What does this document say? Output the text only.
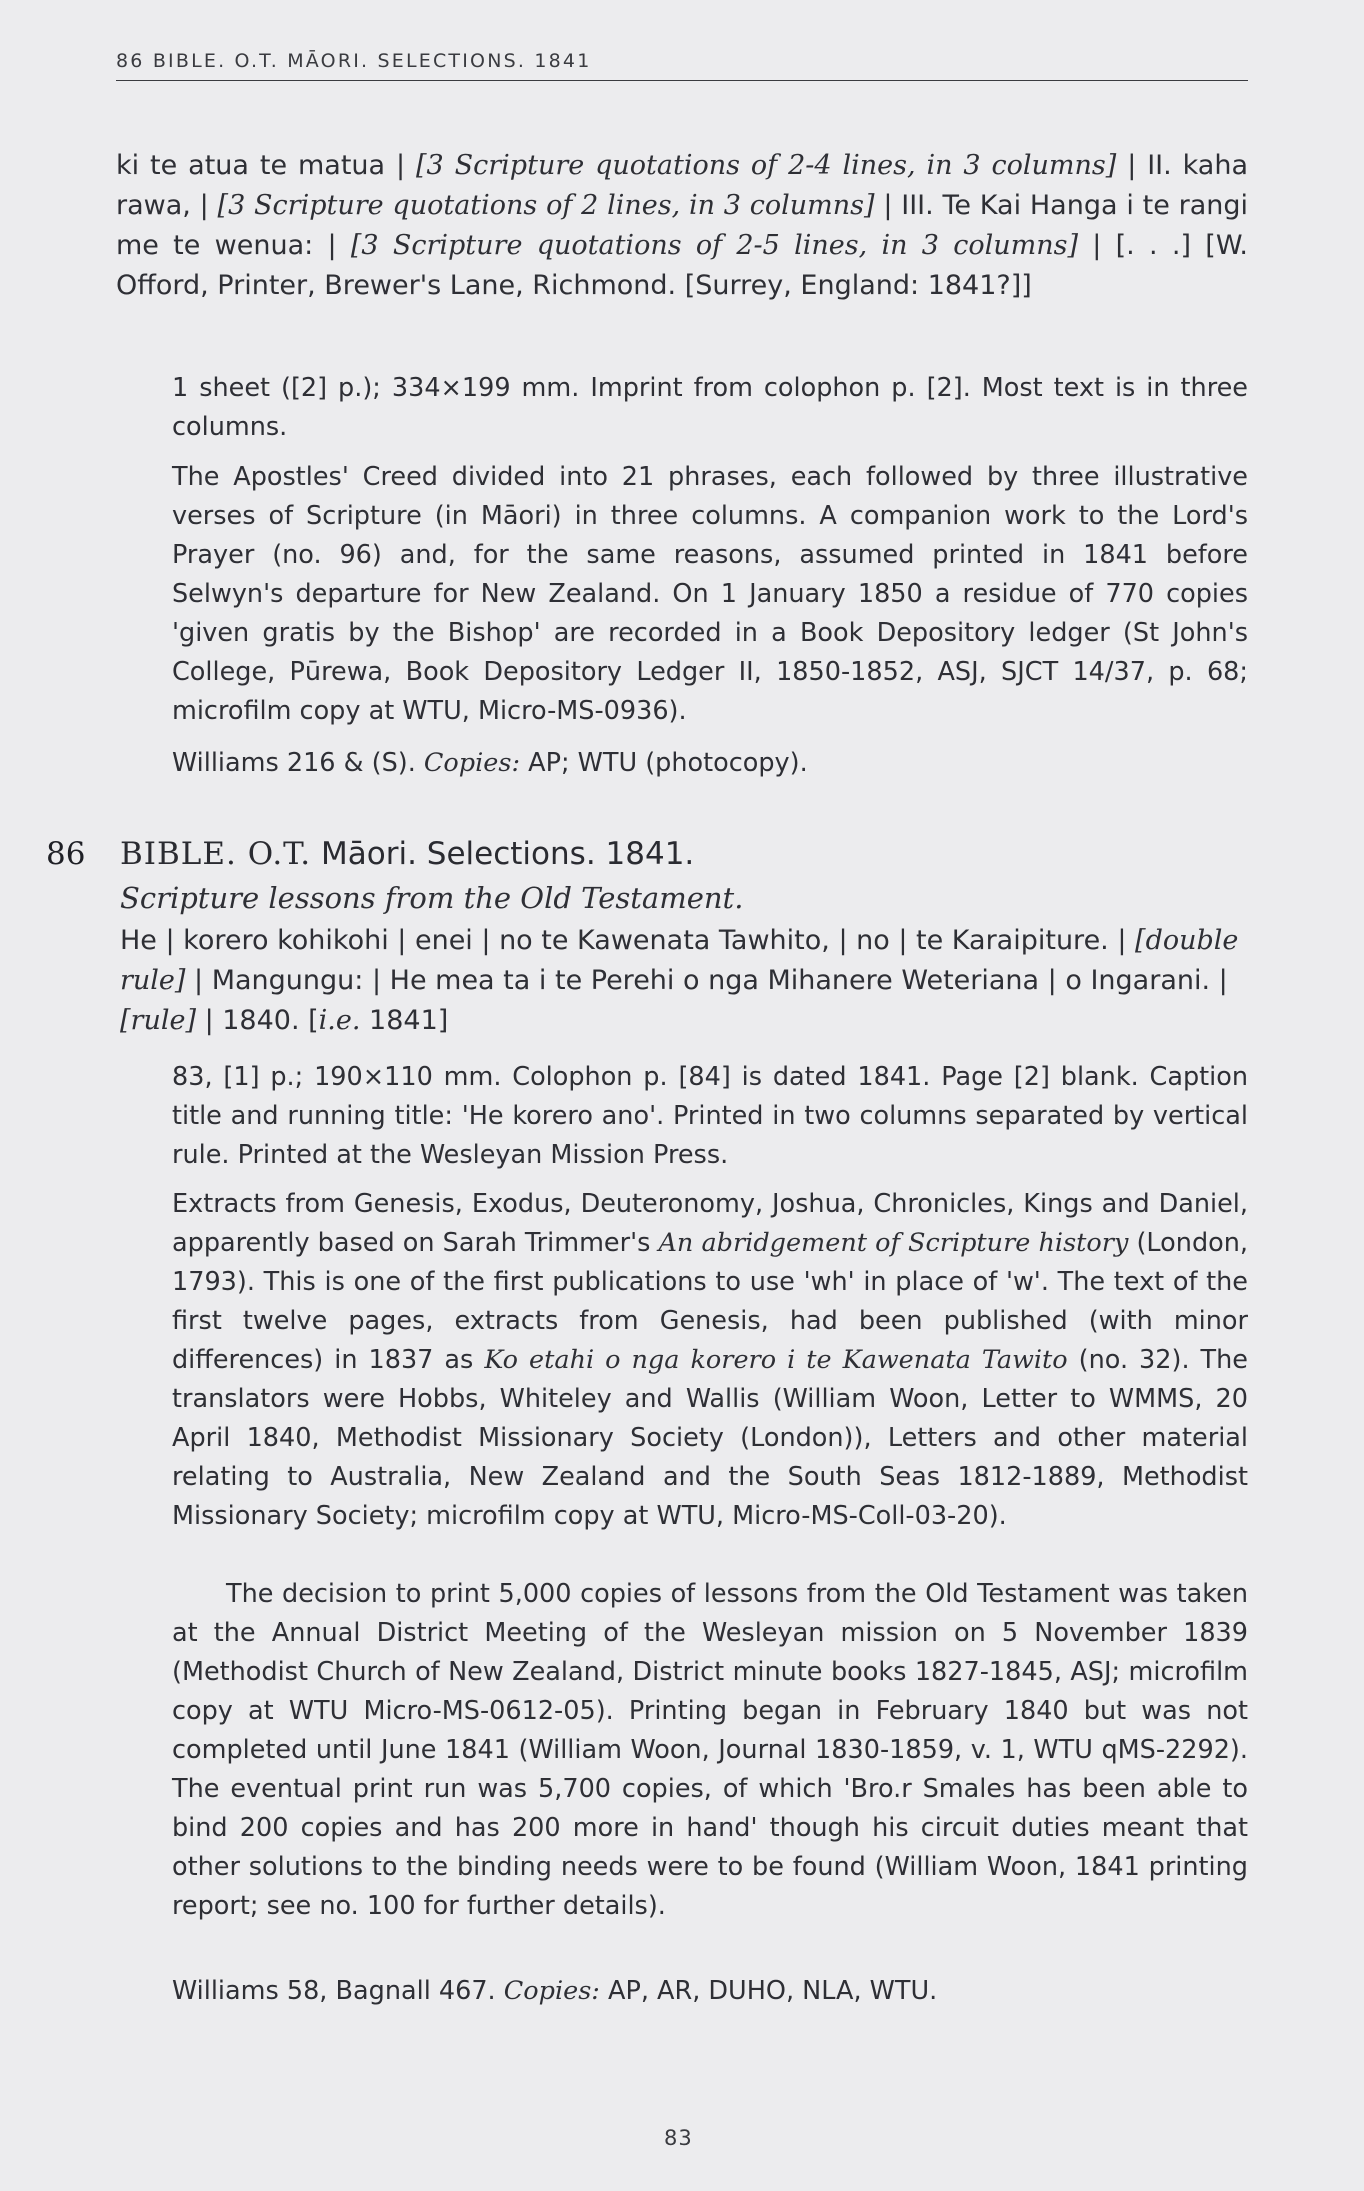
86 BIBLE. O.T. MĀORI. SELECTIONS. 1841
ki te atua te matua | [3 Scripture quotations of 2-4 lines, in 3 columns] | II. kaha rawa, | [3 Scripture quotations of 2 lines, in 3 columns] | III. Te Kai Hanga i te rangi me te wenua: | [3 Scripture quotations of 2-5 lines, in 3 columns] | [. . .] [W. Offord, Printer, Brewer's Lane, Richmond. [Surrey, England: 1841?]]
1 sheet ([2] p.); 334×199 mm. Imprint from colophon p. [2]. Most text is in three columns.
The Apostles' Creed divided into 21 phrases, each followed by three illustrative verses of Scripture (in Māori) in three columns. A companion work to the Lord's Prayer (no. 96) and, for the same reasons, assumed printed in 1841 before Selwyn's departure for New Zealand. On 1 January 1850 a residue of 770 copies 'given gratis by the Bishop' are recorded in a Book Depository ledger (St John's College, Pūrewa, Book Depository Ledger II, 1850-1852, ASJ, SJCT 14/37, p. 68; microfilm copy at WTU, Micro-MS-0936).
Williams 216 & (S). Copies: AP; WTU (photocopy).
86 BIBLE. O.T. Māori. Selections. 1841.
Scripture lessons from the Old Testament.
He | korero kohikohi | enei | no te Kawenata Tawhito, | no | te Karaipiture. | [double rule] | Mangungu: | He mea ta i te Perehi o nga Mihanere Weteriana | o Ingarani. | [rule] | 1840. [i.e. 1841]
83, [1] p.; 190×110 mm. Colophon p. [84] is dated 1841. Page [2] blank. Caption title and running title: 'He korero ano'. Printed in two columns separated by vertical rule. Printed at the Wesleyan Mission Press.
Extracts from Genesis, Exodus, Deuteronomy, Joshua, Chronicles, Kings and Daniel, apparently based on Sarah Trimmer's An abridgement of Scripture history (London, 1793). This is one of the first publications to use 'wh' in place of 'w'. The text of the first twelve pages, extracts from Genesis, had been published (with minor differences) in 1837 as Ko etahi o nga korero i te Kawenata Tawito (no. 32). The translators were Hobbs, Whiteley and Wallis (William Woon, Letter to WMMS, 20 April 1840, Methodist Missionary Society (London)), Letters and other material relating to Australia, New Zealand and the South Seas 1812-1889, Methodist Missionary Society; microfilm copy at WTU, Micro-MS-Coll-03-20).
The decision to print 5,000 copies of lessons from the Old Testament was taken at the Annual District Meeting of the Wesleyan mission on 5 November 1839 (Methodist Church of New Zealand, District minute books 1827-1845, ASJ; microfilm copy at WTU Micro-MS-0612-05). Printing began in February 1840 but was not completed until June 1841 (William Woon, Journal 1830-1859, v. 1, WTU qMS-2292). The eventual print run was 5,700 copies, of which 'Bro.r Smales has been able to bind 200 copies and has 200 more in hand' though his circuit duties meant that other solutions to the binding needs were to be found (William Woon, 1841 printing report; see no. 100 for further details).
Williams 58, Bagnall 467. Copies: AP, AR, DUHO, NLA, WTU.
83
